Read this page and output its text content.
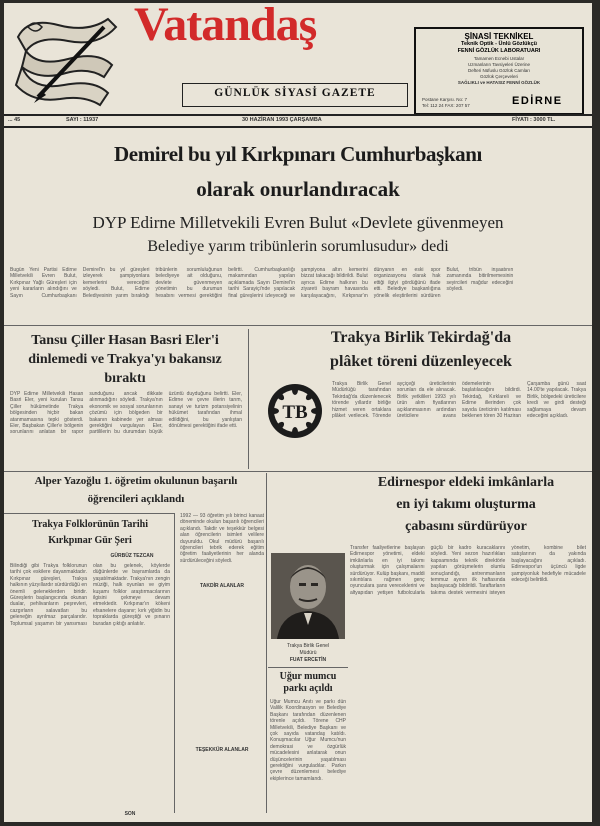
Vatandaş
GÜNLÜK SİYASİ GAZETE
ŞİNASİ TEKNİKEL
Teknik Optik - Ünlü Gözlükçü
FENNİ GÖZLÜK LABORATUARI
Tamamen Ecnebi Ustalar
Uzmanların Tavsiyeleri Üzerine
Defteri Nüfuslu Gözlük Camları
Gözlük Çerçeveleri
SAĞLIKLI ve HATASIZ FENNİ GÖZLÜK
Postane Karşısı. No: 7
Tel: 112 24 FAX: 207 57	EDİRNE
... 45	SAYI : 11937	30 HAZİRAN 1993 ÇARŞAMBA	FİYATI : 3000 TL.
Demirel bu yıl Kırkpınarı Cumhurbaşkanı
olarak onurlandıracak
DYP Edirne Milletvekili Evren Bulut «Devlete güvenmeyen
Belediye yarım tribünlerin sorumlusudur» dedi
Bugün Yeni Partisi Edirne Milletvekili Evren Bulut, Kırkpınar Yağlı Güreşleri için yeni kararların alındığını ve Sayın Cumhurbaşkanı Demirel'in bu yıl güreşleri izleyerek şampiyonlara kemerlerini vereceğini söyledi. Bulut, Edirne Belediyesinin yarım bıraktığı tribünlerin sorumluluğunun belediyeye ait olduğunu, devlete güvenmeyen yönetimin bu durumun hesabını vermesi gerektiğini belirtti. Cumhurbaşkanlığı makamından yapılan açıklamada Sayın Demirel'in tarihi Sarayiçi'nde yapılacak final güreşlerini izleyeceği ve şampiyona altın kemerini bizzat takacağı bildirildi. Bulut ayrıca Edirne halkının bu ziyareti bayram havasında karşılayacağını, Kırkpınar'ın dünyanın en eski spor organizasyonu olarak hak ettiği ilgiyi gördüğünü ifade etti. Belediye başkanlığına yönelik eleştirilerini sürdüren Bulut, tribün inşaatının zamanında bitirilmemesinin seyircileri mağdur edeceğini söyledi.
Tansu Çiller Hasan Basri Eler'i dinlemedi ve Trakya'yı bakansız bıraktı
DYP Edirne Milletvekili Hasan Basri Eler, yeni kurulan Tansu Çiller hükümetinde Trakya bölgesinden hiçbir bakan atanmamasına tepki gösterdi. Eler, Başbakan Çiller'e bölgenin sorunlarını anlatan bir rapor sunduğunu ancak dikkate alınmadığını söyledi. Trakya'nın ekonomik ve sosyal sorunlarının çözümü için bölgeden bir bakanın kabinede yer alması gerektiğini vurgulayan Eler, partililerin bu durumdan büyük üzüntü duyduğunu belirtti. Eler, Edirne ve çevre illerin tarım, sanayi ve turizm potansiyelinin hükümet tarafından ihmal edildiğini, bu yanlıştan dönülmesi gerektiğini ifade etti.
Trakya Birlik Tekirdağ'da
plâket töreni düzenleyecek
TB
Trakya Birlik Genel Müdürlüğü tarafından Tekirdağ'da düzenlenecek törende yıllardır birliğe hizmet veren ortaklara plâket verilecek. Törende ayçiçeği üreticilerinin sorunları da ele alınacak. Birlik yetkilileri 1993 yılı ürün alım fiyatlarının açıklanmasının ardından üreticilere avans ödemelerinin başlatılacağını bildirdi. Tekirdağ, Kırklareli ve Edirne illerinden çok sayıda üreticinin katılması beklenen tören 30 Haziran Çarşamba günü saat 14.00'te yapılacak. Trakya Birlik, bölgedeki üreticilere kredi ve girdi desteği sağlamaya devam edeceğini açıkladı.
Alper Yazoğlu 1. öğretim okulunun başarılı
öğrencileri açıklandı
Trakya Folklorünün Tarihi
Kırkpınar Gür Şeri
GÜRBÜZ TEZCAN
Bilindiği gibi Trakya folklorunun tarihi çok eskilere dayanmaktadır. Kırkpınar güreşleri, Trakya halkının yüzyıllardır sürdürdüğü en önemli geleneklerden biridir. Güreşlerin başlangıcında okunan dualar, pehlivanların peşrevleri, cazgırların salavatları bu geleneğin ayrılmaz parçalarıdır. Toplumsal yaşamın bir yansıması olan bu gelenek, köylerde düğünlerde ve bayramlarda da yaşatılmaktadır. Trakya'nın zengin müziği, halk oyunları ve giyim kuşamı folklor araştırmacılarının ilgisini çekmeye devam etmektedir. Kırkpınar'ın kökeni efsanelere dayanır; kırk yiğidin bu topraklarda güreştiği ve pınarın buradan çıktığı anlatılır.
SON
1992 — 93 öğretim yılı birinci kanaat döneminde okulun başarılı öğrencileri açıklandı. Takdir ve teşekkür belgesi alan öğrencilerin isimleri velilere duyuruldu. Okul müdürü başarılı öğrencileri tebrik ederek eğitim öğretim faaliyetlerinin her alanda sürdürüleceğini söyledi.
TAKDİR ALANLAR
TEŞEKKÜR ALANLAR
Edirnespor eldeki imkânlarla
en iyi takımı oluşturma
çabasını sürdürüyor
Transfer faaliyetlerine başlayan Edirnespor yönetimi, eldeki imkânlarla en iyi takımı oluşturmak için çalışmalarını sürdürüyor. Kulüp başkanı, maddi sıkıntılara rağmen genç oyunculara şans vereceklerini ve altyapıdan yetişen futbolcularla güçlü bir kadro kuracaklarını söyledi. Yeni sezon hazırlıkları kapsamında teknik direktörle yapılan görüşmelerin olumlu sonuçlandığı, antrenmanların temmuz ayının ilk haftasında başlayacağı bildirildi. Taraftarların takıma destek vermesini isteyen yönetim, kombine bilet satışlarının da yakında başlayacağını açıkladı. Edirnespor'un üçüncü ligde şampiyonluk hedefiyle mücadele edeceği belirtildi.
Trakya Birlik Genel
Müdürü
FUAT ERCETİN
Uğur mumcu parkı açıldı
Uğur Mumcu Anıtı ve parkı dün Valilik Koordinasyon ve Belediye Başkanı tarafından düzenlenen törenle açıldı. Törene CHP Milletvekili, Belediye Başkanı ve çok sayıda vatandaş katıldı. Konuşmacılar Uğur Mumcu'nun demokrasi ve özgürlük mücadelesini anlatarak onun düşüncelerinin yaşatılması gerektiğini vurguladılar. Parkın çevre düzenlemesi belediye ekiplerince tamamlandı.
